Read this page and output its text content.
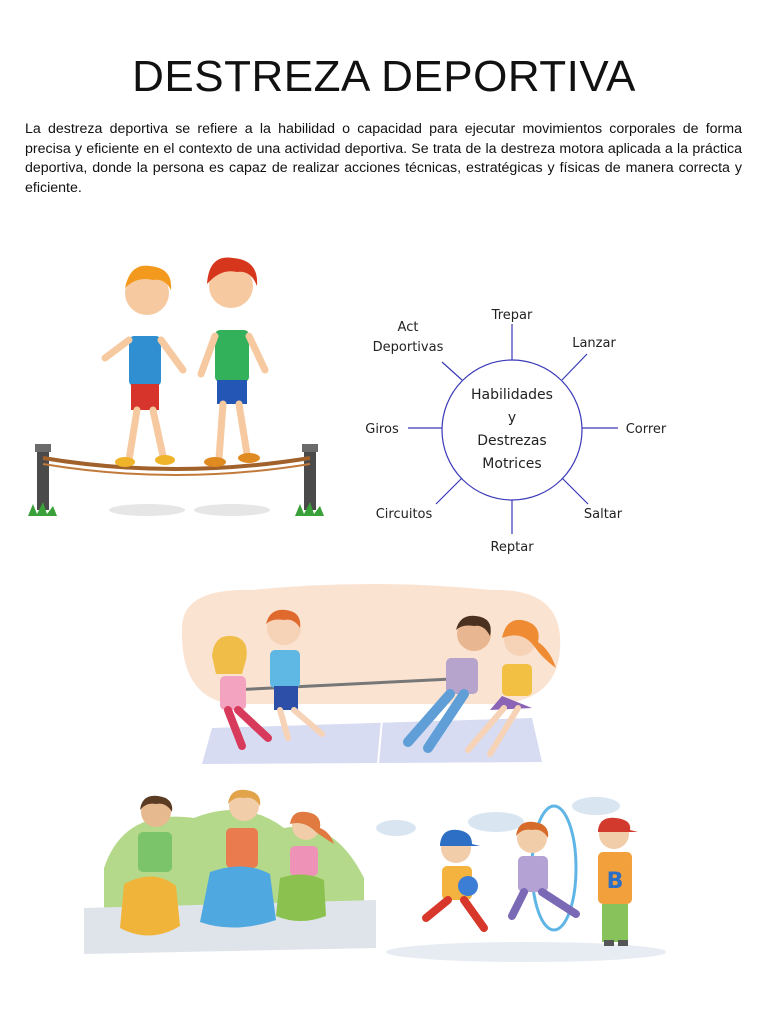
DESTREZA DEPORTIVA

La destreza deportiva se refiere a la habilidad o capacidad para ejecutar movimientos corporales de forma precisa y eficiente en el contexto de una actividad deportiva. Se trata de la destreza motora aplicada a la práctica deportiva, donde la persona es capaz de realizar acciones técnicas, estratégicas y físicas de manera correcta y eficiente.

Habilidades
y
Destrezas
Motrices
Trepar
Lanzar
Correr
Saltar
Reptar
Circuitos
Giros
Act
Deportivas
B
